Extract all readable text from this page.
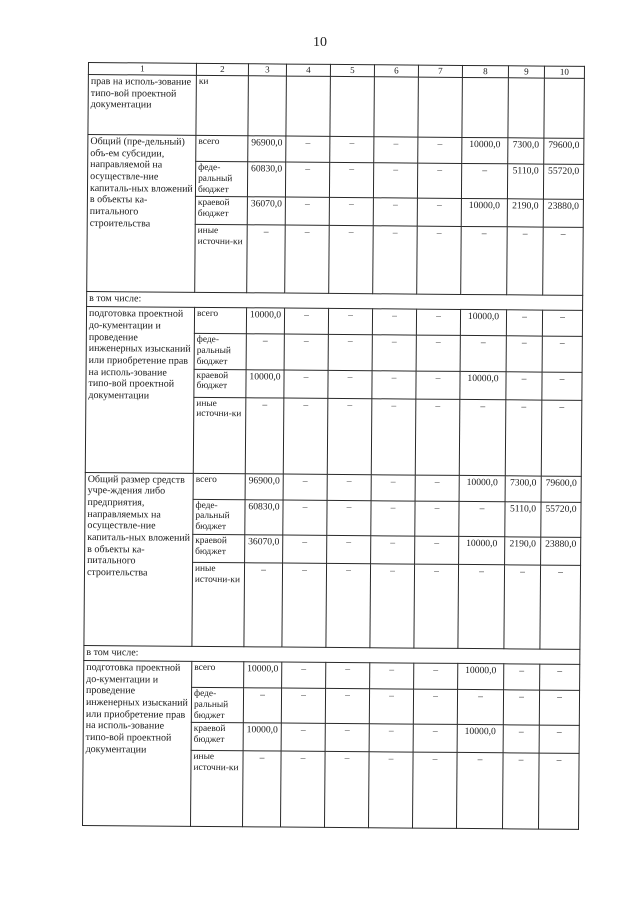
10
1	2	3	4	5	6	7	8	9	10
прав на исполь-зование типо-вой проектной документации	ки								
Общий (пре-дельный) объ-ем субсидии, направляемой на осуществле-ние капиталь-ных вложений в объекты ка-питального строительства	всего	96900,0	–	–	–	–	10000,0	7300,0	79600,0
	феде-ральный бюджет	60830,0	–	–	–	–	–	5110,0	55720,0
	краевой бюджет	36070,0	–	–	–	–	10000,0	2190,0	23880,0
	иные источни-ки	–	–	–	–	–	–	–	–
в том числе:									
подготовка проектной до-кументации и проведение инженерных изысканий или приобретение прав на исполь-зование типо-вой проектной документации	всего	10000,0	–	–	–	–	10000,0	–	–
	феде-ральный бюджет	–	–	–	–	–	–	–	–
	краевой бюджет	10000,0	–	–	–	–	10000,0	–	–
	иные источни-ки	–	–	–	–	–	–	–	–
Общий размер средств учре-ждения либо предприятия, направляемых на осуществле-ние капиталь-ных вложений в объекты ка-питального строительства	всего	96900,0	–	–	–	–	10000,0	7300,0	79600,0
	феде-ральный бюджет	60830,0	–	–	–	–	–	5110,0	55720,0
	краевой бюджет	36070,0	–	–	–	–	10000,0	2190,0	23880,0
	иные источни-ки	–	–	–	–	–	–	–	–
в том числе:									
подготовка проектной до-кументации и проведение инженерных изысканий или приобретение прав на исполь-зование типо-вой проектной документации	всего	10000,0	–	–	–	–	10000,0	–	–
	феде-ральный бюджет	–	–	–	–	–	–	–	–
	краевой бюджет	10000,0	–	–	–	–	10000,0	–	–
	иные источни-ки	–	–	–	–	–	–	–	–
